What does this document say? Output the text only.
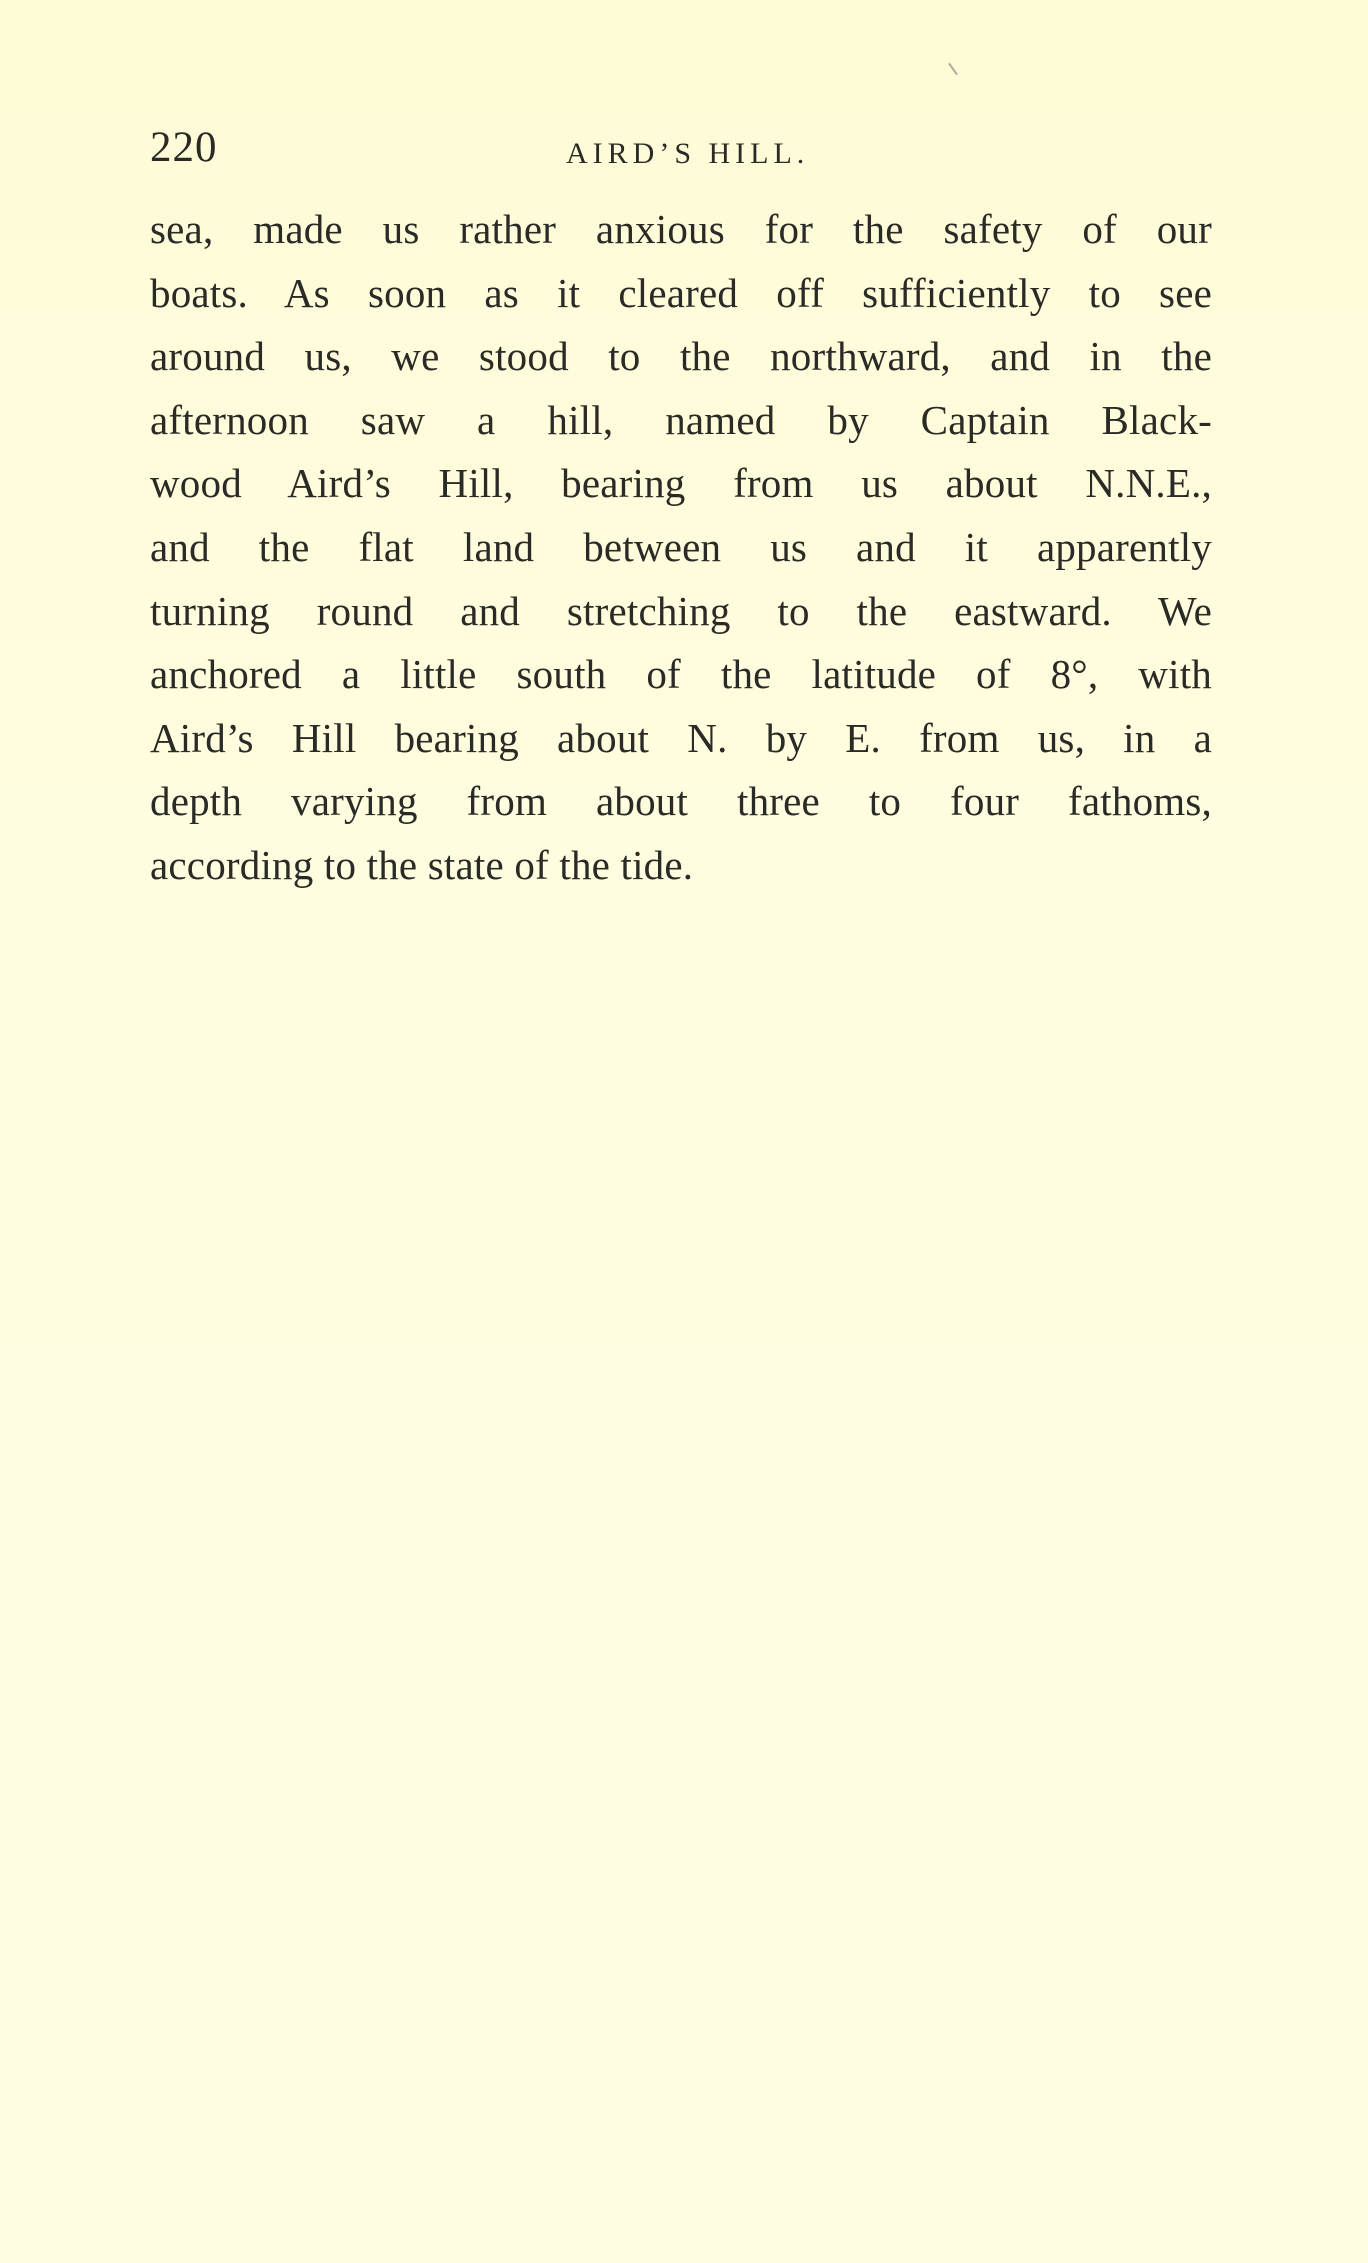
220	AIRD’S HILL.
sea, made us rather anxious for the safety of our
boats. As soon as it cleared off sufficiently to see
around us, we stood to the northward, and in the
afternoon saw a hill, named by Captain Black-
wood Aird’s Hill, bearing from us about N.N.E.,
and the flat land between us and it apparently
turning round and stretching to the eastward. We
anchored a little south of the latitude of 8°, with
Aird’s Hill bearing about N. by E. from us, in a
depth varying from about three to four fathoms,
according to the state of the tide.
